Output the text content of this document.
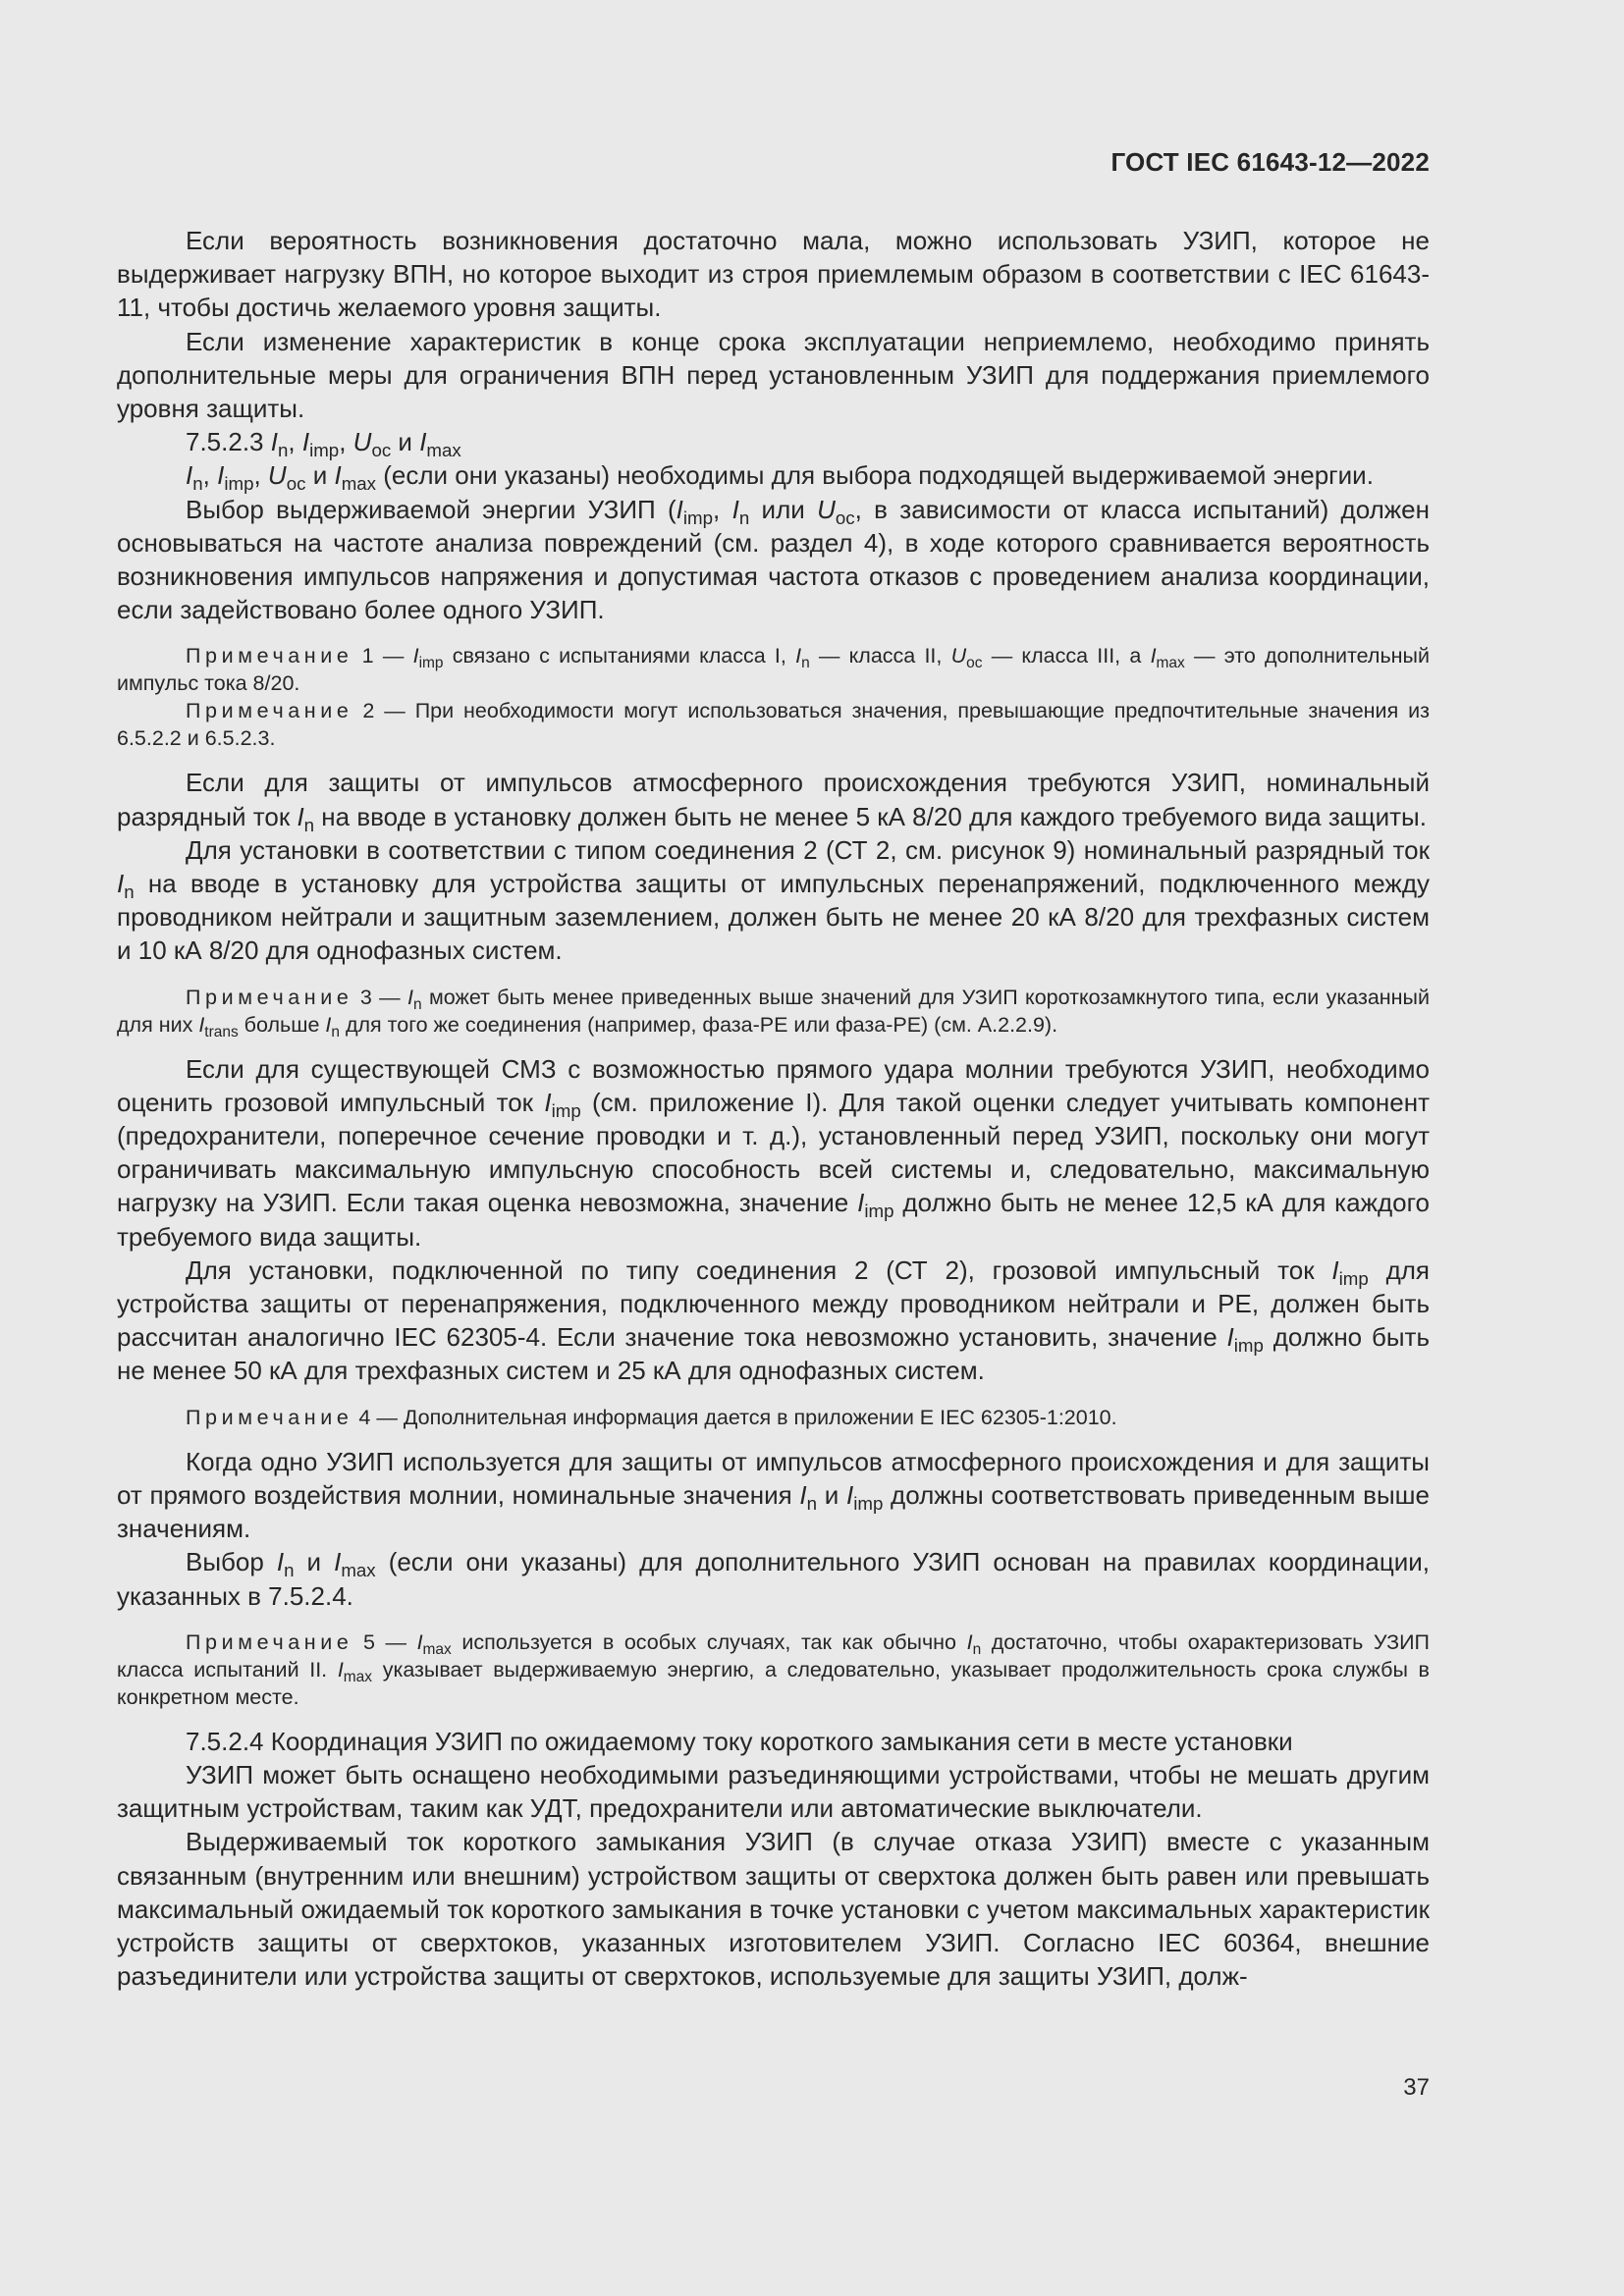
ГОСТ IEC 61643-12—2022

Если вероятность возникновения достаточно мала, можно использовать УЗИП, которое не выдерживает нагрузку ВПН, но которое выходит из строя приемлемым образом в соответствии с IEC 61643-11, чтобы достичь желаемого уровня защиты.

Если изменение характеристик в конце срока эксплуатации неприемлемо, необходимо принять дополнительные меры для ограничения ВПН перед установленным УЗИП для поддержания приемлемого уровня защиты.

7.5.2.3 $I_n$, $I_{imp}$, $U_{oc}$ и $I_{max}$

$I_n$, $I_{imp}$, $U_{oc}$ и $I_{max}$ (если они указаны) необходимы для выбора подходящей выдерживаемой энергии.

Выбор выдерживаемой энергии УЗИП ($I_{imp}$, $I_n$ или $U_{oc}$, в зависимости от класса испытаний) должен основываться на частоте анализа повреждений (см. раздел 4), в ходе которого сравнивается вероятность возникновения импульсов напряжения и допустимая частота отказов с проведением анализа координации, если задействовано более одного УЗИП.

Примечание 1 — $I_{imp}$ связано с испытаниями класса I, $I_n$ — класса II, $U_{oc}$ — класса III, а $I_{max}$ — это дополнительный импульс тока 8/20.

Примечание 2 — При необходимости могут использоваться значения, превышающие предпочтительные значения из 6.5.2.2 и 6.5.2.3.

Если для защиты от импульсов атмосферного происхождения требуются УЗИП, номинальный разрядный ток $I_n$ на вводе в установку должен быть не менее 5 кА 8/20 для каждого требуемого вида защиты.

Для установки в соответствии с типом соединения 2 (СТ 2, см. рисунок 9) номинальный разрядный ток $I_n$ на вводе в установку для устройства защиты от импульсных перенапряжений, подключенного между проводником нейтрали и защитным заземлением, должен быть не менее 20 кА 8/20 для трехфазных систем и 10 кА 8/20 для однофазных систем.

Примечание 3 — $I_n$ может быть менее приведенных выше значений для УЗИП короткозамкнутого типа, если указанный для них $I_{trans}$ больше $I_n$ для того же соединения (например, фаза-PE или фаза-PE) (см. А.2.2.9).

Если для существующей СМЗ с возможностью прямого удара молнии требуются УЗИП, необходимо оценить грозовой импульсный ток $I_{imp}$ (см. приложение I). Для такой оценки следует учитывать компонент (предохранители, поперечное сечение проводки и т. д.), установленный перед УЗИП, поскольку они могут ограничивать максимальную импульсную способность всей системы и, следовательно, максимальную нагрузку на УЗИП. Если такая оценка невозможна, значение $I_{imp}$ должно быть не менее 12,5 кА для каждого требуемого вида защиты.

Для установки, подключенной по типу соединения 2 (СТ 2), грозовой импульсный ток $I_{imp}$ для устройства защиты от перенапряжения, подключенного между проводником нейтрали и PE, должен быть рассчитан аналогично IEC 62305-4. Если значение тока невозможно установить, значение $I_{imp}$ должно быть не менее 50 кА для трехфазных систем и 25 кА для однофазных систем.

Примечание 4 — Дополнительная информация дается в приложении E IEC 62305-1:2010.

Когда одно УЗИП используется для защиты от импульсов атмосферного происхождения и для защиты от прямого воздействия молнии, номинальные значения $I_n$ и $I_{imp}$ должны соответствовать приведенным выше значениям.

Выбор $I_n$ и $I_{max}$ (если они указаны) для дополнительного УЗИП основан на правилах координации, указанных в 7.5.2.4.

Примечание 5 — $I_{max}$ используется в особых случаях, так как обычно $I_n$ достаточно, чтобы охарактеризовать УЗИП класса испытаний II. $I_{max}$ указывает выдерживаемую энергию, а следовательно, указывает продолжительность срока службы в конкретном месте.

7.5.2.4 Координация УЗИП по ожидаемому току короткого замыкания сети в месте установки

УЗИП может быть оснащено необходимыми разъединяющими устройствами, чтобы не мешать другим защитным устройствам, таким как УДТ, предохранители или автоматические выключатели.

Выдерживаемый ток короткого замыкания УЗИП (в случае отказа УЗИП) вместе с указанным связанным (внутренним или внешним) устройством защиты от сверхтока должен быть равен или превышать максимальный ожидаемый ток короткого замыкания в точке установки с учетом максимальных характеристик устройств защиты от сверхтоков, указанных изготовителем УЗИП. Согласно IEC 60364, внешние разъединители или устройства защиты от сверхтоков, используемые для защиты УЗИП, долж-

37
